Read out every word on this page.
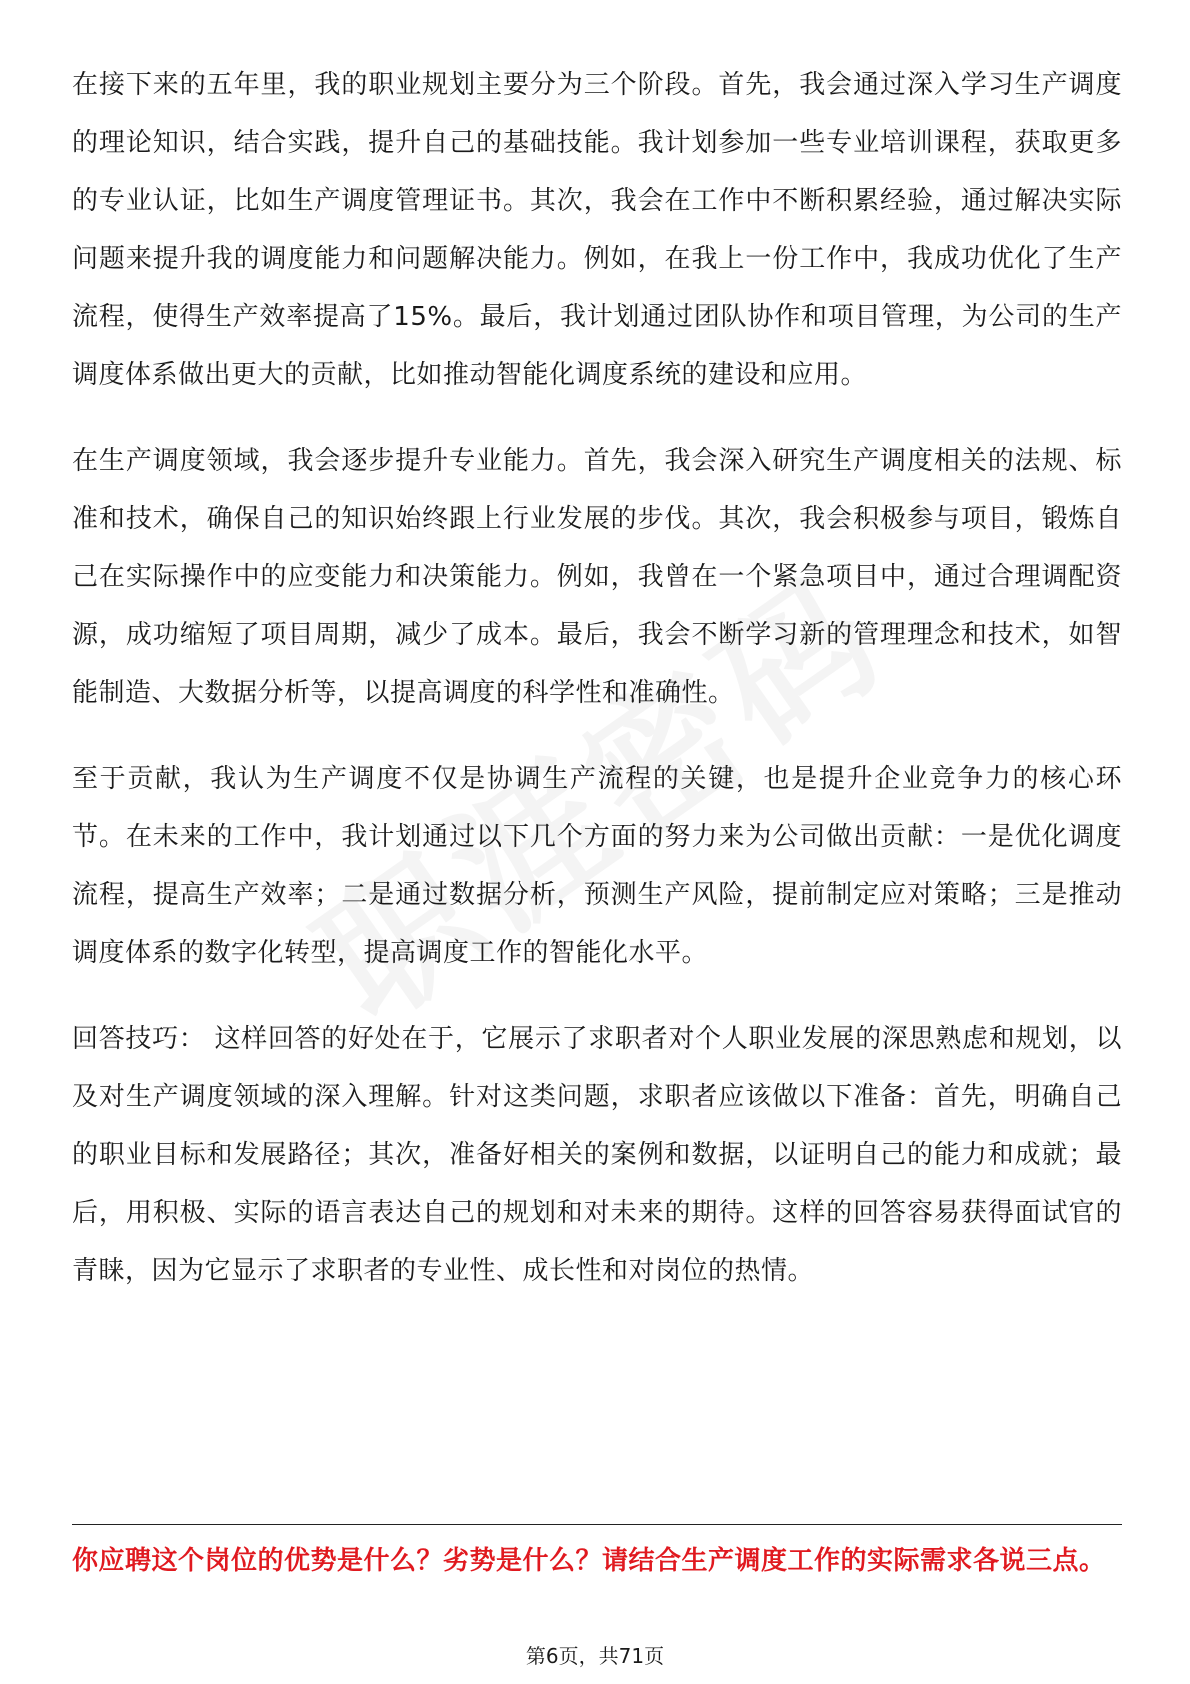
在接下来的五年里，我的职业规划主要分为三个阶段。首先，我会通过深入学习生产调度的理论知识，结合实践，提升自己的基础技能。我计划参加一些专业培训课程，获取更多的专业认证，比如生产调度管理证书。其次，我会在工作中不断积累经验，通过解决实际问题来提升我的调度能力和问题解决能力。例如，在我上一份工作中，我成功优化了生产流程，使得生产效率提高了15%。最后，我计划通过团队协作和项目管理，为公司的生产调度体系做出更大的贡献，比如推动智能化调度系统的建设和应用。

在生产调度领域，我会逐步提升专业能力。首先，我会深入研究生产调度相关的法规、标准和技术，确保自己的知识始终跟上行业发展的步伐。其次，我会积极参与项目，锻炼自己在实际操作中的应变能力和决策能力。例如，我曾在一个紧急项目中，通过合理调配资源，成功缩短了项目周期，减少了成本。最后，我会不断学习新的管理理念和技术，如智能制造、大数据分析等，以提高调度的科学性和准确性。

至于贡献，我认为生产调度不仅是协调生产流程的关键，也是提升企业竞争力的核心环节。在未来的工作中，我计划通过以下几个方面的努力来为公司做出贡献：一是优化调度流程，提高生产效率；二是通过数据分析，预测生产风险，提前制定应对策略；三是推动调度体系的数字化转型，提高调度工作的智能化水平。

回答技巧： 这样回答的好处在于，它展示了求职者对个人职业发展的深思熟虑和规划，以及对生产调度领域的深入理解。针对这类问题，求职者应该做以下准备：首先，明确自己的职业目标和发展路径；其次，准备好相关的案例和数据，以证明自己的能力和成就；最后，用积极、实际的语言表达自己的规划和对未来的期待。这样的回答容易获得面试官的青睐，因为它显示了求职者的专业性、成长性和对岗位的热情。

你应聘这个岗位的优势是什么？劣势是什么？请结合生产调度工作的实际需求各说三点。
第6页，共71页
